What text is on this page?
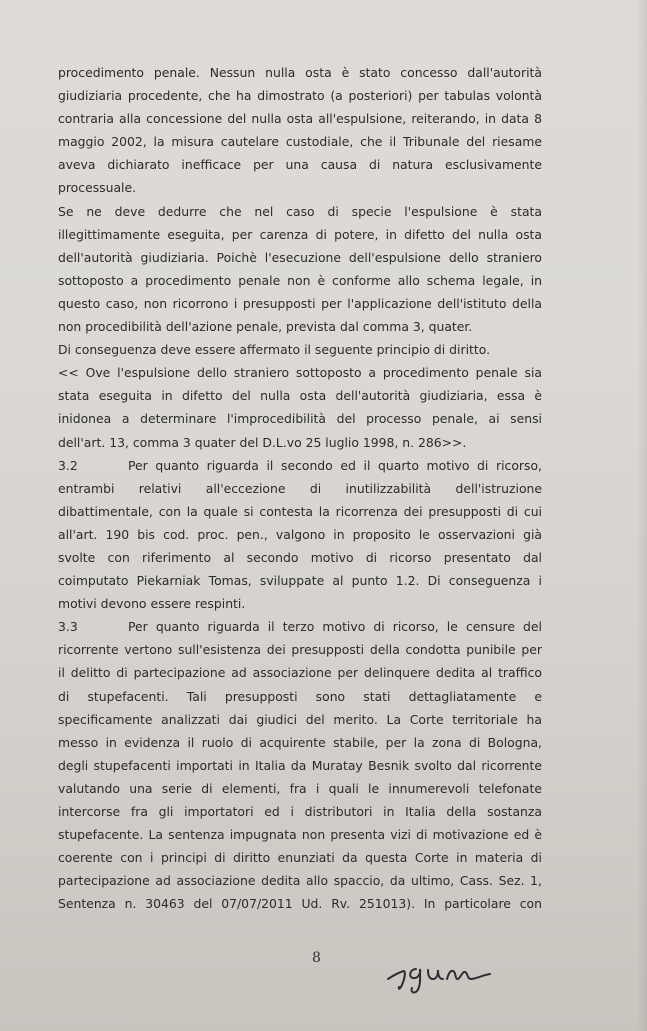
procedimento penale. Nessun nulla osta è stato concesso dall'autorità
giudiziaria procedente, che ha dimostrato (a posteriori) per tabulas volontà
contraria alla concessione del nulla osta all'espulsione, reiterando, in data 8
maggio 2002, la misura cautelare custodiale, che il Tribunale del riesame
aveva dichiarato inefficace per una causa di natura esclusivamente
processuale.
Se ne deve dedurre che nel caso di specie l'espulsione è stata
illegittimamente eseguita, per carenza di potere, in difetto del nulla osta
dell'autorità giudiziaria. Poichè l'esecuzione dell'espulsione dello straniero
sottoposto a procedimento penale non è conforme allo schema legale, in
questo caso, non ricorrono i presupposti per l'applicazione dell'istituto della
non procedibilità dell'azione penale, prevista dal comma 3, quater.
Di conseguenza deve essere affermato il seguente principio di diritto.
<< Ove l'espulsione dello straniero sottoposto a procedimento penale sia
stata eseguita in difetto del nulla osta dell'autorità giudiziaria, essa è
inidonea a determinare l'improcedibilità del processo penale, ai sensi
dell'art. 13, comma 3 quater del D.L.vo 25 luglio 1998, n. 286>>.
3.2	Per quanto riguarda il secondo ed il quarto motivo di ricorso,
entrambi relativi all'eccezione di inutilizzabilità dell'istruzione
dibattimentale, con la quale si contesta la ricorrenza dei presupposti di cui
all'art. 190 bis cod. proc. pen., valgono in proposito le osservazioni già
svolte con riferimento al secondo motivo di ricorso presentato dal
coimputato Piekarniak Tomas, sviluppate al punto 1.2. Di conseguenza i
motivi devono essere respinti.
3.3	Per quanto riguarda il terzo motivo di ricorso, le censure del
ricorrente vertono sull'esistenza dei presupposti della condotta punibile per
il delitto di partecipazione ad associazione per delinquere dedita al traffico
di stupefacenti. Tali presupposti sono stati dettagliatamente e
specificamente analizzati dai giudici del merito. La Corte territoriale ha
messo in evidenza il ruolo di acquirente stabile, per la zona di Bologna,
degli stupefacenti importati in Italia da Muratay Besnik svolto dal ricorrente
valutando una serie di elementi, fra i quali le innumerevoli telefonate
intercorse fra gli importatori ed i distributori in Italia della sostanza
stupefacente. La sentenza impugnata non presenta vizi di motivazione ed è
coerente con i principi di diritto enunziati da questa Corte in materia di
partecipazione ad associazione dedita allo spaccio, da ultimo, Cass. Sez. 1,
Sentenza n. 30463 del 07/07/2011 Ud. Rv. 251013). In particolare con
8
